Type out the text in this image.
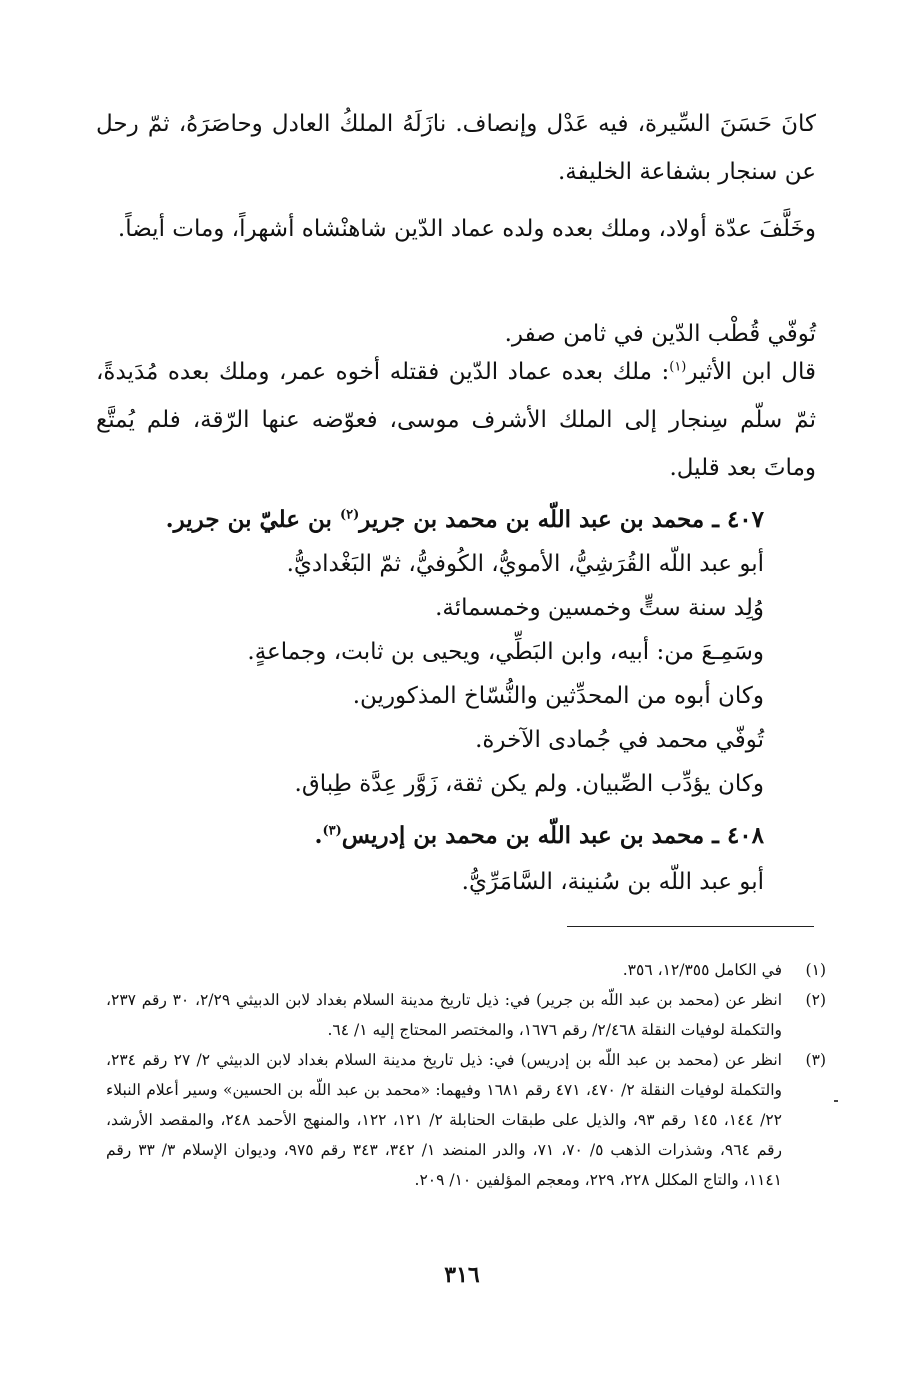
كانَ حَسَنَ السِّيرة، فيه عَدْل وإنصاف. نازَلَهُ الملكُ العادل وحاصَرَهُ، ثمّ رحل عن سنجار بشفاعة الخليفة.
وخَلَّفَ عدّة أولاد، وملك بعده ولده عماد الدّين شاهنْشاه أشهراً، ومات أيضاً.
تُوفّي قُطْب الدّين في ثامن صفر.
قال ابن الأثير$^{(١)}$: ملك بعده عماد الدّين فقتله أخوه عمر، وملك بعده مُدَيدةً، ثمّ سلّم سِنجار إلى الملك الأشرف موسى، فعوّضه عنها الرّقة، فلم يُمتَّع وماتَ بعد قليل.
٤٠٧ ـ محمد بن عبد اللّه بن محمد بن جرير$^{(٢)}$ بن عليّ بن جرير.
أبو عبد اللّه القُرَشِيُّ، الأمويُّ، الكُوفيُّ، ثمّ البَغْداديُّ.
وُلِد سنة ستٍّ وخمسين وخمسمائة.
وسَمِـعَ من: أبيه، وابن البَطِّي، ويحيى بن ثابت، وجماعةٍ.
وكان أبوه من المحدِّثين والنُّسّاخ المذكورين.
تُوفّي محمد في جُمادى الآخرة.
وكان يؤدِّب الصِّبيان. ولم يكن ثقة، زَوَّر عِدَّة طِباق.
٤٠٨ ـ محمد بن عبد اللّه بن محمد بن إدريس$^{(٣)}$.
أبو عبد اللّه بن سُنينة، السَّامَرِّيُّ.
(١)
في الكامل ١٢/٣٥٥، ٣٥٦.
(٢)
انظر عن (محمد بن عبد اللّه بن جرير) في: ذيل تاريخ مدينة السلام بغداد لابن الدبيثي ٢/٢٩، ٣٠ رقم ٢٣٧، والتكملة لوفيات النقلة ٢/٤٦٨/ رقم ١٦٧٦، والمختصر المحتاج إليه ١/ ٦٤.
(٣)
انظر عن (محمد بن عبد اللّه بن إدريس) في: ذيل تاريخ مدينة السلام بغداد لابن الدبيثي ٢/ ٢٧ رقم ٢٣٤، والتكملة لوفيات النقلة ٢/ ٤٧٠، ٤٧١ رقم ١٦٨١ وفيهما: «محمد بن عبد اللّه بن الحسين» وسير أعلام النبلاء ٢٢/ ١٤٤، ١٤٥ رقم ٩٣، والذيل على طبقات الحنابلة ٢/ ١٢١، ١٢٢، والمنهج الأحمد ٢٤٨، والمقصد الأرشد، رقم ٩٦٤، وشذرات الذهب ٥/ ٧٠، ٧١، والدر المنضد ١/ ٣٤٢، ٣٤٣ رقم ٩٧٥، وديوان الإسلام ٣/ ٣٣ رقم ١١٤١، والتاج المكلل ٢٢٨، ٢٢٩، ومعجم المؤلفين ١٠/ ٢٠٩.
٣١٦
